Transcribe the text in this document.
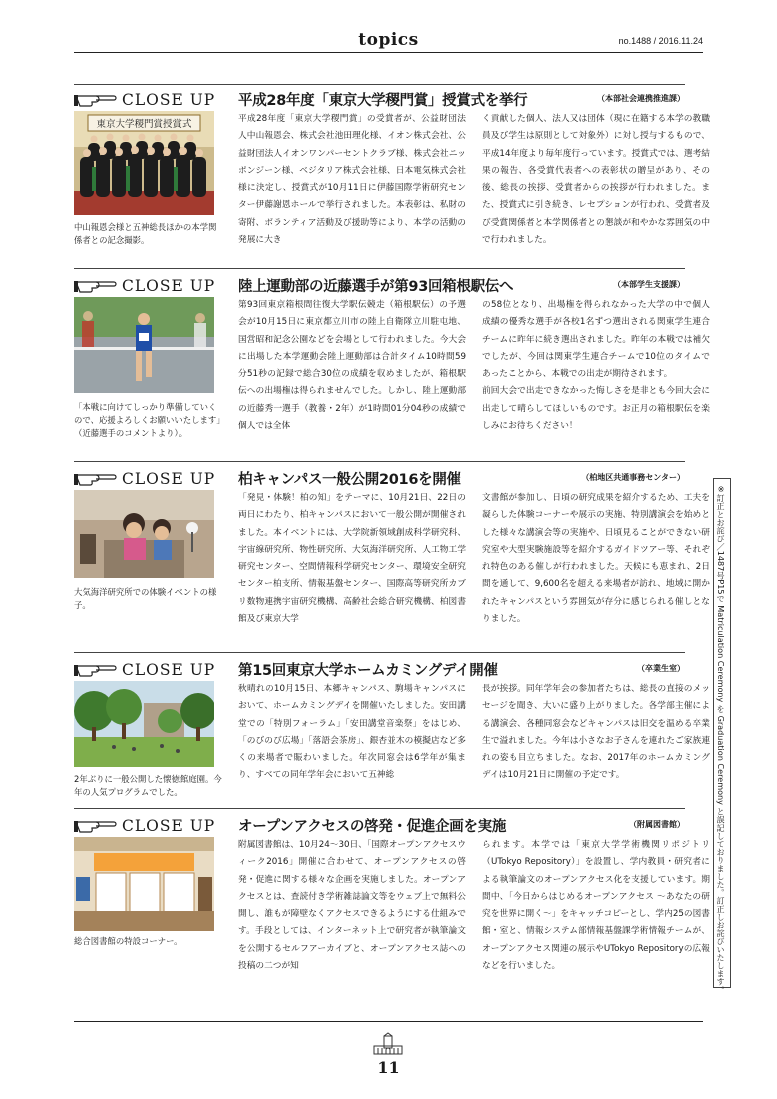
topics	no.1488 / 2016.11.24
CLOSE UP 平成28年度「東京大学稷門賞」授賞式を挙行	（本部社会連携推進課）
東京大学稷門賞授賞式
中山報恩会様と五神総長ほかの本学関係者との記念撮影。
平成28年度「東京大学稷門賞」の受賞者が、公益財団法人中山報恩会、株式会社池田理化様、イオン株式会社、公益財団法人イオンワンパーセントクラブ様、株式会社ニッポンジーン様、ベジタリア株式会社様、日本電気株式会社様に決定し、授賞式が10月11日に伊藤国際学術研究センター伊藤謝恩ホールで挙行されました。本表彰は、私財の寄附、ボランティア活動及び援助等により、本学の活動の発展に大き
く貢献した個人、法人又は団体（現に在籍する本学の教職員及び学生は原則として対象外）に対し授与するもので、平成14年度より毎年度行っています。授賞式では、選考結果の報告、各受賞代表者への表彰状の贈呈があり、その後、総長の挨拶、受賞者からの挨拶が行われました。また、授賞式に引き続き、レセプションが行われ、受賞者及び受賞関係者と本学関係者との懇談が和やかな雰囲気の中で行われました。
CLOSE UP 陸上運動部の近藤選手が第93回箱根駅伝へ	（本部学生支援課）
「本戦に向けてしっかり準備していくので、応援よろしくお願いいたします」（近藤選手のコメントより）。
第93回東京箱根間往復大学駅伝競走（箱根駅伝）の予選会が10月15日に東京都立川市の陸上自衛隊立川駐屯地、国営昭和記念公園などを会場として行われました。今大会に出場した本学運動会陸上運動部は合計タイム10時間59分51秒の記録で総合30位の成績を収めましたが、箱根駅伝への出場権は得られませんでした。しかし、陸上運動部の近藤秀一選手（教養・2年）が1時間01分04秒の成績で個人では全体
の58位となり、出場権を得られなかった大学の中で個人成績の優秀な選手が各校1名ずつ選出される関東学生連合チームに昨年に続き選出されました。昨年の本戦では補欠でしたが、今回は関東学生連合チームで10位のタイムであったことから、本戦での出走が期待されます。
前回大会で出走できなかった悔しさを是非とも今回大会に出走して晴らしてほしいものです。お正月の箱根駅伝を楽しみにお待ちください！
CLOSE UP 柏キャンパス一般公開2016を開催	（柏地区共通事務センター）
大気海洋研究所での体験イベントの様子。
「発見・体験！柏の知」をテーマに、10月21日、22日の両日にわたり、柏キャンパスにおいて一般公開が開催されました。本イベントには、大学院新領域創成科学研究科、宇宙線研究所、物性研究所、大気海洋研究所、人工物工学研究センター、空間情報科学研究センター、環境安全研究センター柏支所、情報基盤センター、国際高等研究所カブリ数物連携宇宙研究機構、高齢社会総合研究機構、柏図書館及び東京大学
文書館が参加し、日頃の研究成果を紹介するため、工夫を凝らした体験コーナーや展示の実施、特別講演会を始めとした様々な講演会等の実施や、日頃見ることができない研究室や大型実験施設等を紹介するガイドツアー等、それぞれ特色のある催しが行われました。天候にも恵まれ、2日間を通して、9,600名を超える来場者が訪れ、地域に開かれたキャンパスという雰囲気が存分に感じられる催しとなりました。
CLOSE UP 第15回東京大学ホームカミングデイ開催	（卒業生室）
2年ぶりに一般公開した懐徳館庭園。今年の人気プログラムでした。
秋晴れの10月15日、本郷キャンパス、駒場キャンパスにおいて、ホームカミングデイを開催いたしました。安田講堂での「特別フォーラム」「安田講堂音楽祭」をはじめ、「のびのび広場」「落語会茶房」、銀杏並木の模擬店など多くの来場者で賑わいました。年次同窓会は6学年が集まり、すべての同年学年会において五神総
長が挨拶。同年学年会の参加者たちは、総長の直接のメッセージを聞き、大いに盛り上がりました。各学部主催による講演会、各種同窓会などキャンパスは旧交を温める卒業生で溢れました。今年は小さなお子さんを連れたご家族連れの姿も目立ちました。なお、2017年のホームカミングデイは10月21日に開催の予定です。
CLOSE UP オープンアクセスの啓発・促進企画を実施	（附属図書館）
総合図書館の特設コーナー。
附属図書館は、10月24〜30日、「国際オープンアクセスウィーク2016」開催に合わせて、オープンアクセスの啓発・促進に関する様々な企画を実施しました。オープンアクセスとは、査読付き学術雑誌論文等をウェブ上で無料公開し、誰もが障壁なくアクセスできるようにする仕組みです。手段としては、インターネット上で研究者が執筆論文を公開するセルフアーカイブと、オープンアクセス誌への投稿の二つが知
られます。本学では「東京大学学術機関リポジトリ（UTokyo Repository）」を設置し、学内教員・研究者による執筆論文のオープンアクセス化を支援しています。期間中、「今日からはじめるオープンアクセス 〜あなたの研究を世界に開く〜」をキャッチコピーとし、学内25の図書館・室と、情報システム部情報基盤課学術情報チームが、オープンアクセス関連の展示やUTokyo Repositoryの広報などを行いました。	※訂正とお詫び／1487号P15で Matriculation Ceremony を Graduation Ceremony と誤記しておりました。訂正しお詫びいたします。
11
